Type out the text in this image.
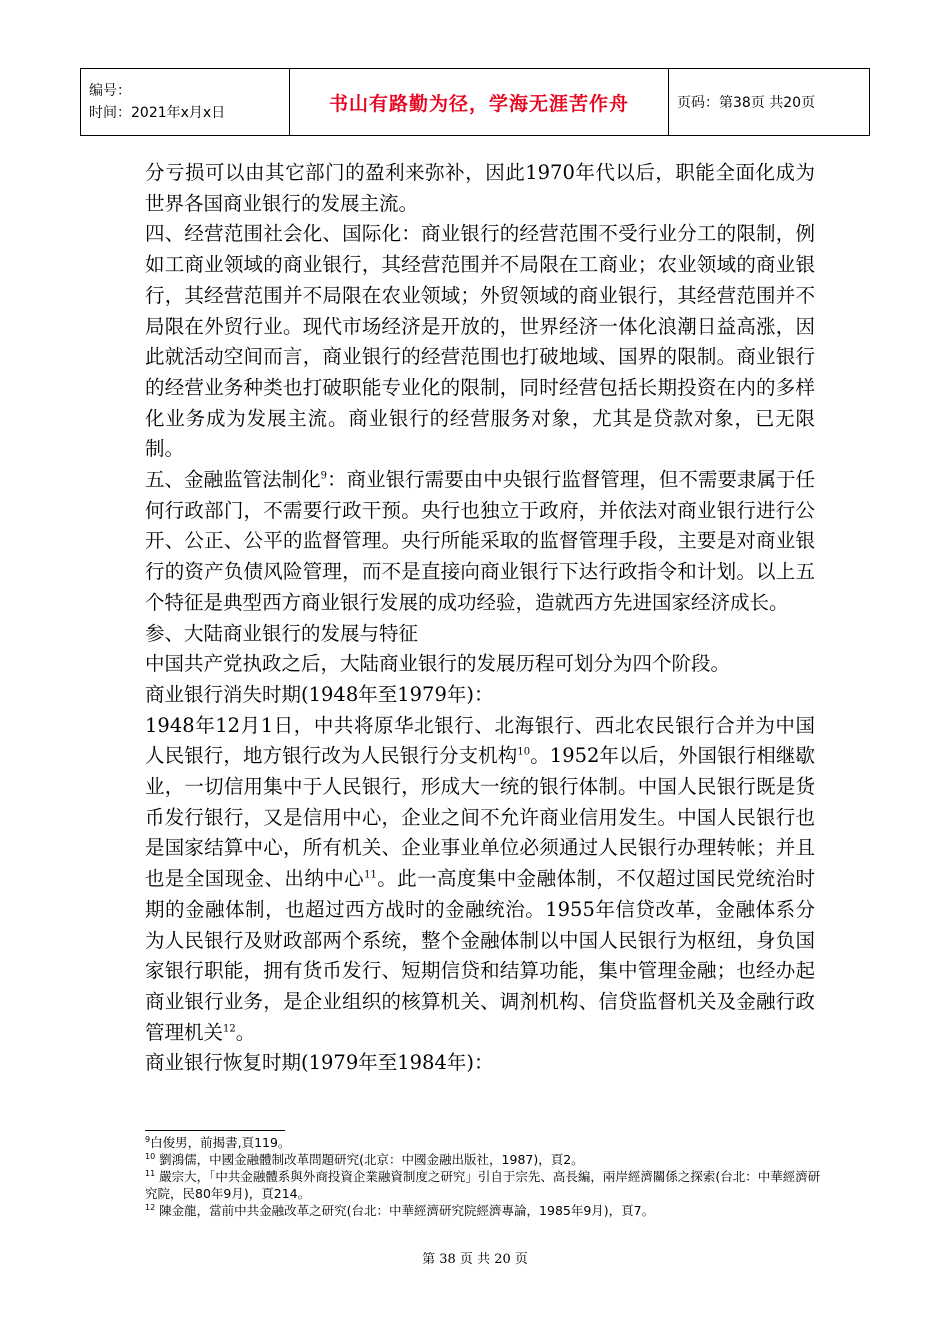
编号：
时间：2021年x月x日	书山有路勤为径，学海无涯苦作舟	页码：第38页 共20页

分亏损可以由其它部门的盈利来弥补，因此1970年代以后，职能全面化成为世界各国商业银行的发展主流。

四、经营范围社会化、国际化：商业银行的经营范围不受行业分工的限制，例如工商业领域的商业银行，其经营范围并不局限在工商业；农业领域的商业银行，其经营范围并不局限在农业领域；外贸领域的商业银行，其经营范围并不局限在外贸行业。现代市场经济是开放的，世界经济一体化浪潮日益高涨，因此就活动空间而言，商业银行的经营范围也打破地域、国界的限制。商业银行的经营业务种类也打破职能专业化的限制，同时经营包括长期投资在内的多样化业务成为发展主流。商业银行的经营服务对象，尤其是贷款对象，已无限制。

五、金融监管法制化$^9$：商业银行需要由中央银行监督管理，但不需要隶属于任何行政部门，不需要行政干预。央行也独立于政府，并依法对商业银行进行公开、公正、公平的监督管理。央行所能采取的监督管理手段，主要是对商业银行的资产负债风险管理，而不是直接向商业银行下达行政指令和计划。以上五个特征是典型西方商业银行发展的成功经验，造就西方先进国家经济成长。

参、大陆商业银行的发展与特征

中国共产党执政之后，大陆商业银行的发展历程可划分为四个阶段。

商业银行消失时期(1948年至1979年)：

1948年12月1日，中共将原华北银行、北海银行、西北农民银行合并为中国人民银行，地方银行改为人民银行分支机构$^{10}$。1952年以后，外国银行相继歇业，一切信用集中于人民银行，形成大一统的银行体制。中国人民银行既是货币发行银行，又是信用中心，企业之间不允许商业信用发生。中国人民银行也是国家结算中心，所有机关、企业事业单位必须通过人民银行办理转帐；并且也是全国现金、出纳中心$^{11}$。此一高度集中金融体制，不仅超过国民党统治时期的金融体制，也超过西方战时的金融统治。1955年信贷改革，金融体系分为人民银行及财政部两个系统，整个金融体制以中国人民银行为枢纽，身负国家银行职能，拥有货币发行、短期信贷和结算功能，集中管理金融；也经办起商业银行业务，是企业组织的核算机关、调剂机构、信贷监督机关及金融行政管理机关$^{12}$。

商业银行恢复时期(1979年至1984年)：

$^9$白俊男，前揭書,頁119。

$^{10}$ 劉鴻儒，中國金融體制改革問題研究(北京：中國金融出版社，1987)，頁2。

$^{11}$ 嚴宗大，「中共金融體系與外商投資企業融資制度之研究」引自于宗先、高長編，兩岸經濟關係之探索(台北：中華經濟研究院，民80年9月)，頁214。

$^{12}$ 陳金龍，當前中共金融改革之研究(台北：中華經濟研究院經濟專論，1985年9月)，頁7。

第 38 页 共 20 页
